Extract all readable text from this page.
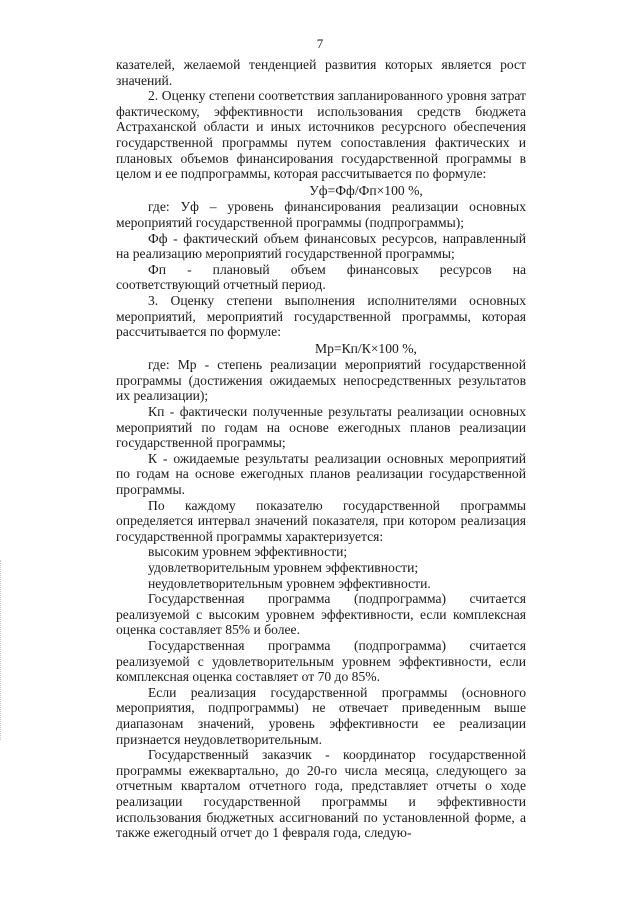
7

казателей, желаемой тенденцией развития которых является рост значений.

2. Оценку степени соответствия запланированного уровня затрат фактическому, эффективности использования средств бюджета Астраханской области и иных источников ресурсного обеспечения государственной программы путем сопоставления фактических и плановых объемов финансирования государственной программы в целом и ее подпрограммы, которая рассчитывается по формуле:

Уф=Фф/Фп×100 %,

где: Уф – уровень финансирования реализации основных мероприятий государственной программы (подпрограммы);

Фф - фактический объем финансовых ресурсов, направленный на реализацию мероприятий государственной программы;

Фп - плановый объем финансовых ресурсов на соответствующий отчетный период.

3. Оценку степени выполнения исполнителями основных мероприятий, мероприятий государственной программы, которая рассчитывается по формуле:

Мр=Кп/К×100 %,

где: Мр - степень реализации мероприятий государственной программы (достижения ожидаемых непосредственных результатов их реализации);

Кп - фактически полученные результаты реализации основных мероприятий по годам на основе ежегодных планов реализации государственной программы;

К - ожидаемые результаты реализации основных мероприятий по годам на основе ежегодных планов реализации государственной программы.

По каждому показателю государственной программы определяется интервал значений показателя, при котором реализация государственной программы характеризуется:

высоким уровнем эффективности;

удовлетворительным уровнем эффективности;

неудовлетворительным уровнем эффективности.

Государственная программа (подпрограмма) считается реализуемой с высоким уровнем эффективности, если комплексная оценка составляет 85% и более.

Государственная программа (подпрограмма) считается реализуемой с удовлетворительным уровнем эффективности, если комплексная оценка составляет от 70 до 85%.

Если реализация государственной программы (основного мероприятия, подпрограммы) не отвечает приведенным выше диапазонам значений, уровень эффективности ее реализации признается неудовлетворительным.

Государственный заказчик - координатор государственной программы ежеквартально, до 20-го числа месяца, следующего за отчетным кварталом отчетного года, представляет отчеты о ходе реализации государственной программы и эффективности использования бюджетных ассигнований по установленной форме, а также ежегодный отчет до 1 февраля года, следую-
